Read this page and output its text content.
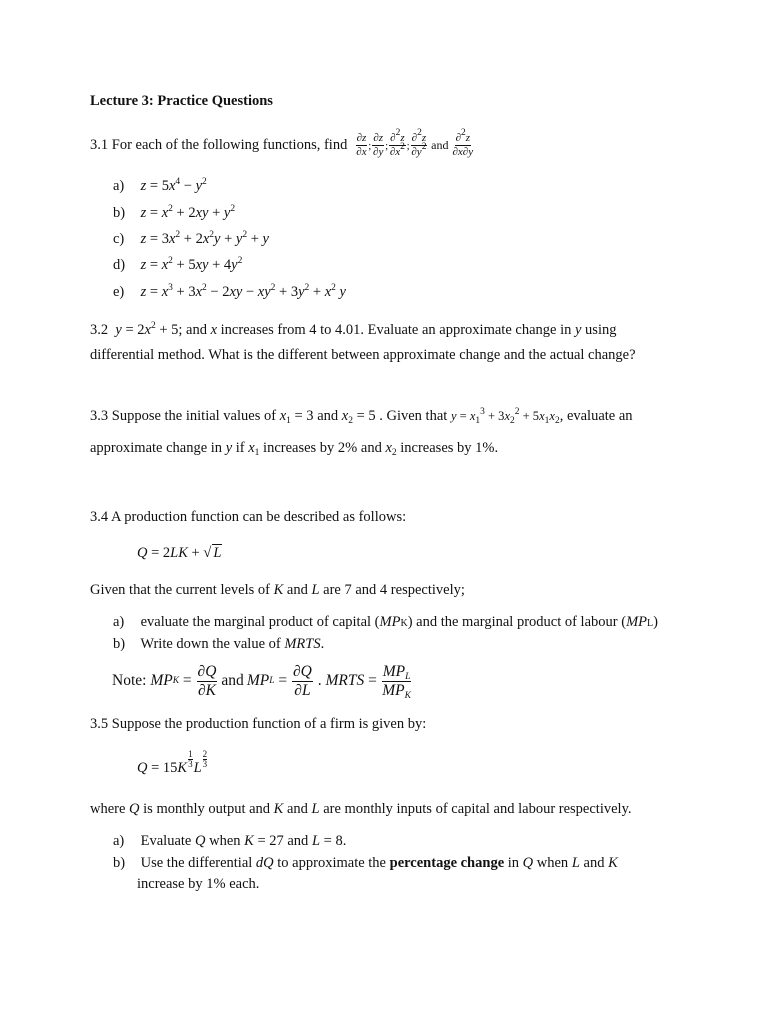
Lecture 3: Practice Questions
3.1
For each of the following functions, find
$\frac{\partial z}{\partial x}$ ; $\frac{\partial z}{\partial y}$ ; $\frac{\partial^2z}{\partial x^2}$ ; $\frac{\partial^2z}{\partial y^2}$ and $\frac{\partial^2z}{\partial x\partial y}$
a) $z = 5x^4 - y^2$
b) $z = x^2 + 2xy + y^2$
c) $z = 3x^2 + 2x^2y + y^2 + y$
d) $z = x^2 + 5xy + 4y^2$
e) $z = x^3 + 3x^2 - 2xy - xy^2 + 3y^2 + x^2$ y
3.2 $y = 2x^2 + 5$; and x increases from 4 to 4.01. Evaluate an approximate change in y using
differential method. What is the different between approximate change and the actual change?
3.3 Suppose the initial values of $x_1 = 3$ and $x_2 = 5$ . Given that $y = x_1^3 + 3x_2^2 + 5x_1x_2$, evaluate an
approximate change in y if $x_1$ increases by 2% and $x_2$ increases by 1%.
3.4 A production function can be described as follows:
Q = 2LK + √ L
Given that the current levels of K and L are 7 and 4 respectively;
a) evaluate the marginal product of capital (MPK) and the marginal product of labour (MPL)
b) Write down the value of MRTS.
Note:
MP $K = \frac{\partial Q}{\partial K}$ and MP $L = \frac{\partial Q}{\partial L}$ . MRTS = $\frac{MP_L}{MP_K}$
3.5 Suppose the production function of a firm is given by:
Q = 15 K
1
3 L
2
3
where Q is monthly output and K and L are monthly inputs of capital and labour respectively.
a) Evaluate Q when K = 27 and L = 8.
b) Use the differential dQ to approximate the percentage change in Q when L and K
increase by 1% each.
